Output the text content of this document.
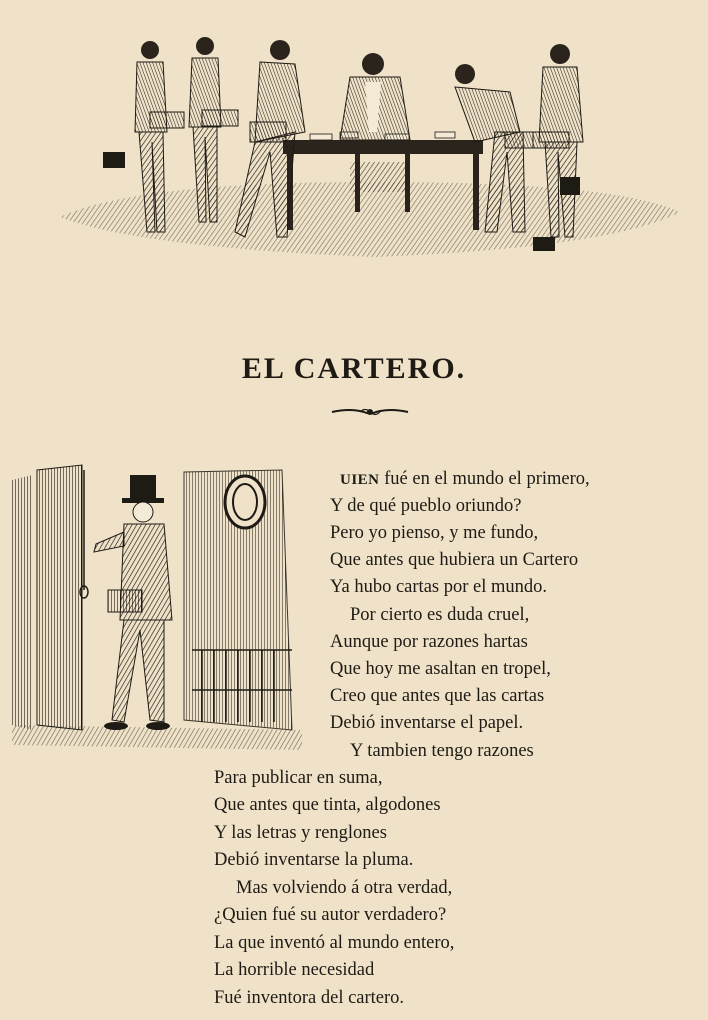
EL CARTERO.
UIEN fué en el mundo el primero,
Y de qué pueblo oriundo?
Pero yo pienso, y me fundo,
Que antes que hubiera un Cartero
Ya hubo cartas por el mundo.
Por cierto es duda cruel,
Aunque por razones hartas
Que hoy me asaltan en tropel,
Creo que antes que las cartas
Debió inventarse el papel.
Y tambien tengo razones
Para publicar en suma,
Que antes que tinta, algodones
Y las letras y renglones
Debió inventarse la pluma.
Mas volviendo á otra verdad,
¿Quien fué su autor verdadero?
La que inventó al mundo entero,
La horrible necesidad
Fué inventora del cartero.
